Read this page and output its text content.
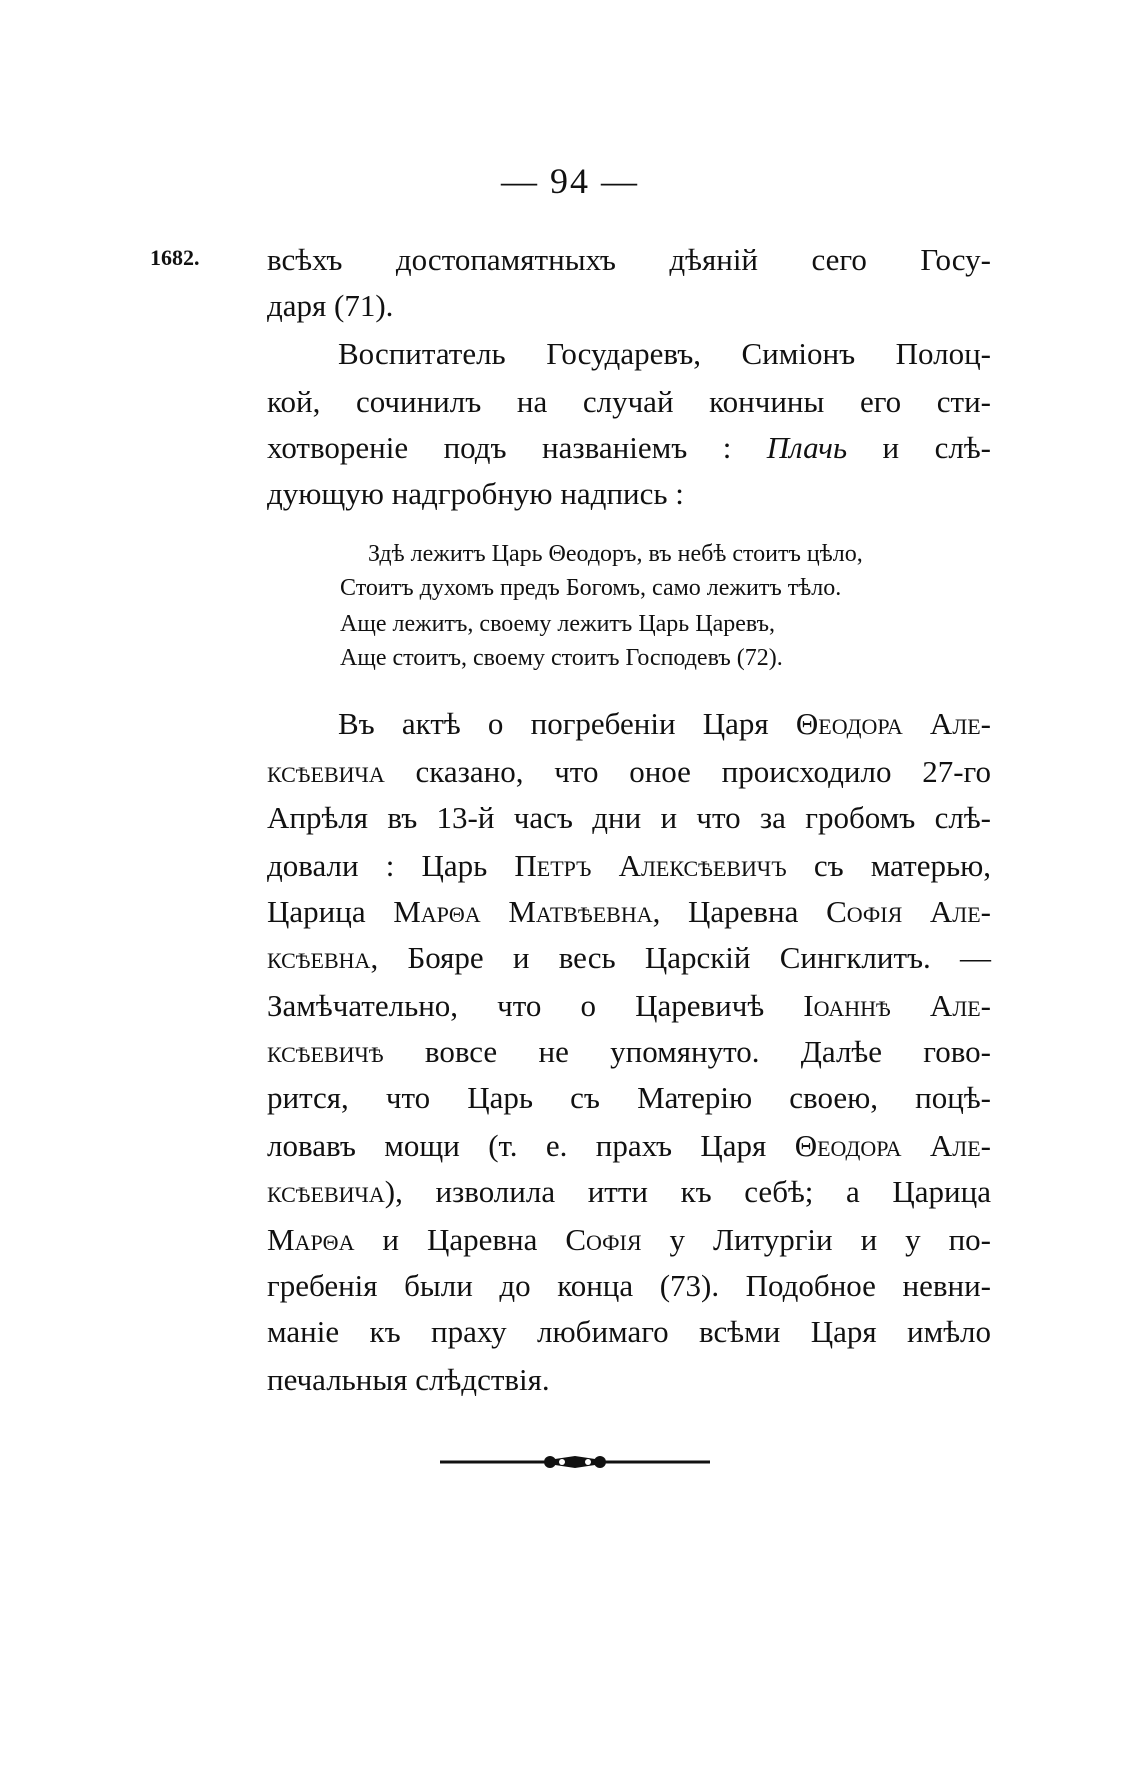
— 94 —
1682. всѣхъ достопамятныхъ дѣяній сего Госу-
даря (71).
Воспитатель Государевъ, Симіонъ Полоц-
кой, сочинилъ на случай кончины его сти-
хотвореніе подъ названіемъ : Плачь и слѣ-
дующую надгробную надпись :
Здѣ лежитъ Царь Θеодоръ, въ небѣ стоитъ цѣло,
Стоитъ духомъ предъ Богомъ, само лежитъ тѣло.
Аще лежитъ, своему лежитъ Царь Царевъ,
Аще стоитъ, своему стоитъ Господевъ (72).
Въ актѣ о погребеніи Царя Θеодора Але-
ксѣевича сказано, что оное происходило 27-го
Апрѣля въ 13-й часъ дни и что за гробомъ слѣ-
довали : Царь Петръ Алексѣевичъ съ матерью,
Царица Марθа Матвѣевна, Царевна Софія Але-
ксѣевна, Бояре и весь Царскій Сингклитъ. —
Замѣчательно, что о Царевичѣ Іоаннѣ Але-
ксѣевичѣ вовсе не упомянуто. Далѣе гово-
рится, что Царь съ Матерію своею, поцѣ-
ловавъ мощи (т. е. прахъ Царя Θеодора Але-
ксѣевича), изволила итти къ себѣ; а Царица
Марθа и Царевна Софія у Литургіи и у по-
гребенія были до конца (73). Подобное невни-
маніе къ праху любимаго всѣми Царя имѣло
печальныя слѣдствія.
